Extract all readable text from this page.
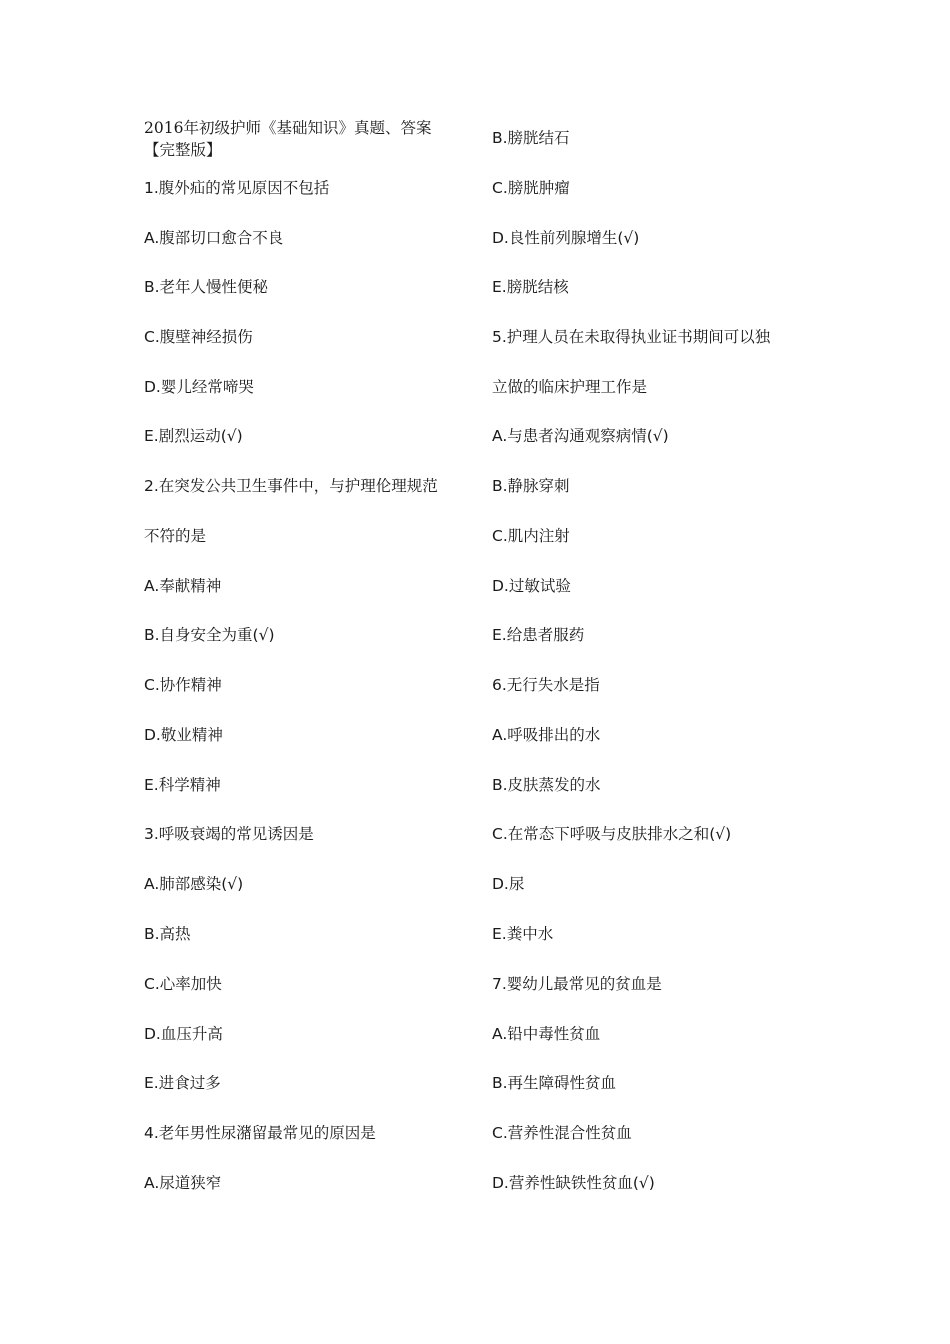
2016年初级护师《基础知识》真题、答案
【完整版】
1.腹外疝的常见原因不包括
A.腹部切口愈合不良
B.老年人慢性便秘
C.腹壁神经损伤
D.婴儿经常啼哭
E.剧烈运动(√)
2.在突发公共卫生事件中，与护理伦理规范
不符的是
A.奉献精神
B.自身安全为重(√)
C.协作精神
D.敬业精神
E.科学精神
3.呼吸衰竭的常见诱因是
A.肺部感染(√)
B.高热
C.心率加快
D.血压升高
E.进食过多
4.老年男性尿潴留最常见的原因是
A.尿道狭窄
B.膀胱结石
C.膀胱肿瘤
D.良性前列腺增生(√)
E.膀胱结核
5.护理人员在未取得执业证书期间可以独
立做的临床护理工作是
A.与患者沟通观察病情(√)
B.静脉穿刺
C.肌内注射
D.过敏试验
E.给患者服药
6.无行失水是指
A.呼吸排出的水
B.皮肤蒸发的水
C.在常态下呼吸与皮肤排水之和(√)
D.尿
E.粪中水
7.婴幼儿最常见的贫血是
A.铅中毒性贫血
B.再生障碍性贫血
C.营养性混合性贫血
D.营养性缺铁性贫血(√)
